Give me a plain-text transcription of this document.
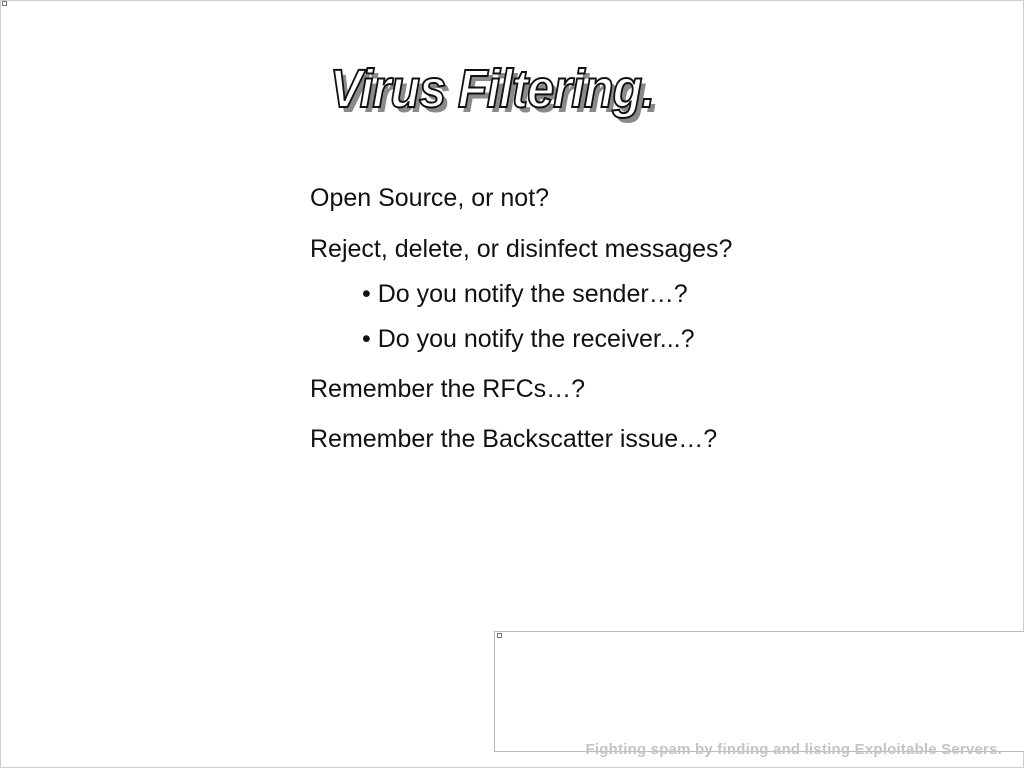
Virus Filtering.
Open Source, or not?
Reject, delete, or disinfect messages?
• Do you notify the sender…?
• Do you notify the receiver...?
Remember the RFCs…?
Remember the Backscatter issue…?
Fighting spam by finding and listing Exploitable Servers.
